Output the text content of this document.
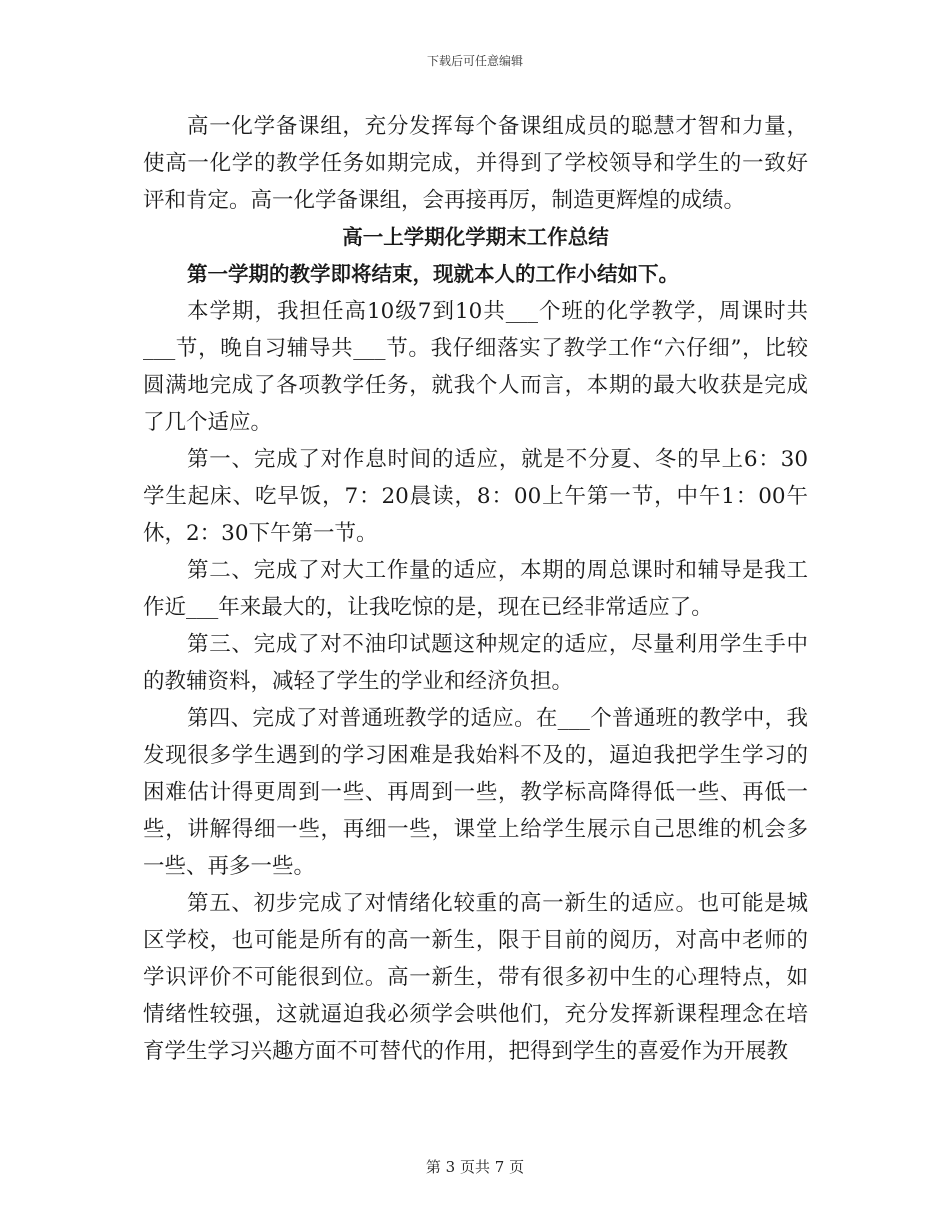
下载后可任意编辑

高一化学备课组，充分发挥每个备课组成员的聪慧才智和力量，使高一化学的教学任务如期完成，并得到了学校领导和学生的一致好评和肯定。高一化学备课组，会再接再厉，制造更辉煌的成绩。

高一上学期化学期末工作总结

第一学期的教学即将结束，现就本人的工作小结如下。

本学期，我担任高10级7到10共___个班的化学教学，周课时共___节，晚自习辅导共___节。我仔细落实了教学工作“六仔细”，比较圆满地完成了各项教学任务，就我个人而言，本期的最大收获是完成了几个适应。

第一、完成了对作息时间的适应，就是不分夏、冬的早上6：30学生起床、吃早饭，7：20晨读，8：00上午第一节，中午1：00午休，2：30下午第一节。

第二、完成了对大工作量的适应，本期的周总课时和辅导是我工作近___年来最大的，让我吃惊的是，现在已经非常适应了。

第三、完成了对不油印试题这种规定的适应，尽量利用学生手中的教辅资料，减轻了学生的学业和经济负担。

第四、完成了对普通班教学的适应。在___个普通班的教学中，我发现很多学生遇到的学习困难是我始料不及的，逼迫我把学生学习的困难估计得更周到一些、再周到一些，教学标高降得低一些、再低一些，讲解得细一些，再细一些，课堂上给学生展示自己思维的机会多一些、再多一些。

第五、初步完成了对情绪化较重的高一新生的适应。也可能是城区学校，也可能是所有的高一新生，限于目前的阅历，对高中老师的学识评价不可能很到位。高一新生，带有很多初中生的心理特点，如情绪性较强，这就逼迫我必须学会哄他们，充分发挥新课程理念在培育学生学习兴趣方面不可替代的作用，把得到学生的喜爱作为开展教

第 3 页共 7 页
